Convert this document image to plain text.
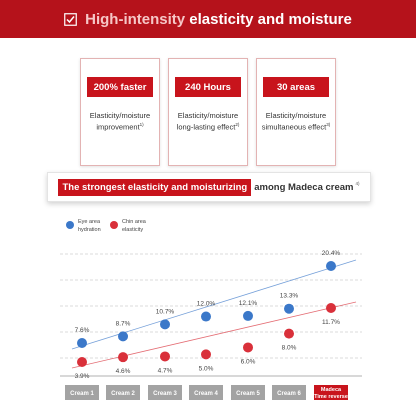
High-intensity elasticity and moisture
200% faster
Elasticity/moisture
improvement$^{1)}$
240 Hours
Elasticity/moisture
long-lasting effect$^{2)}$
30 areas
Elasticity/moisture
simultaneous effect$^{3)}$
The strongest elasticity and moisturizing among Madeca cream 4)
Eye area
hydration
Chin area
elasticity
7.6%
8.7%
10.7%
12.0%	12.1%
13.3%
20.4%
3.9%
4.6%	4.7%	5.0%
6.0%
8.0%
11.7%
Cream 1	Cream 2	Cream 3	Cream 4	Cream 5	Cream 6
Madeca
Time reverse
